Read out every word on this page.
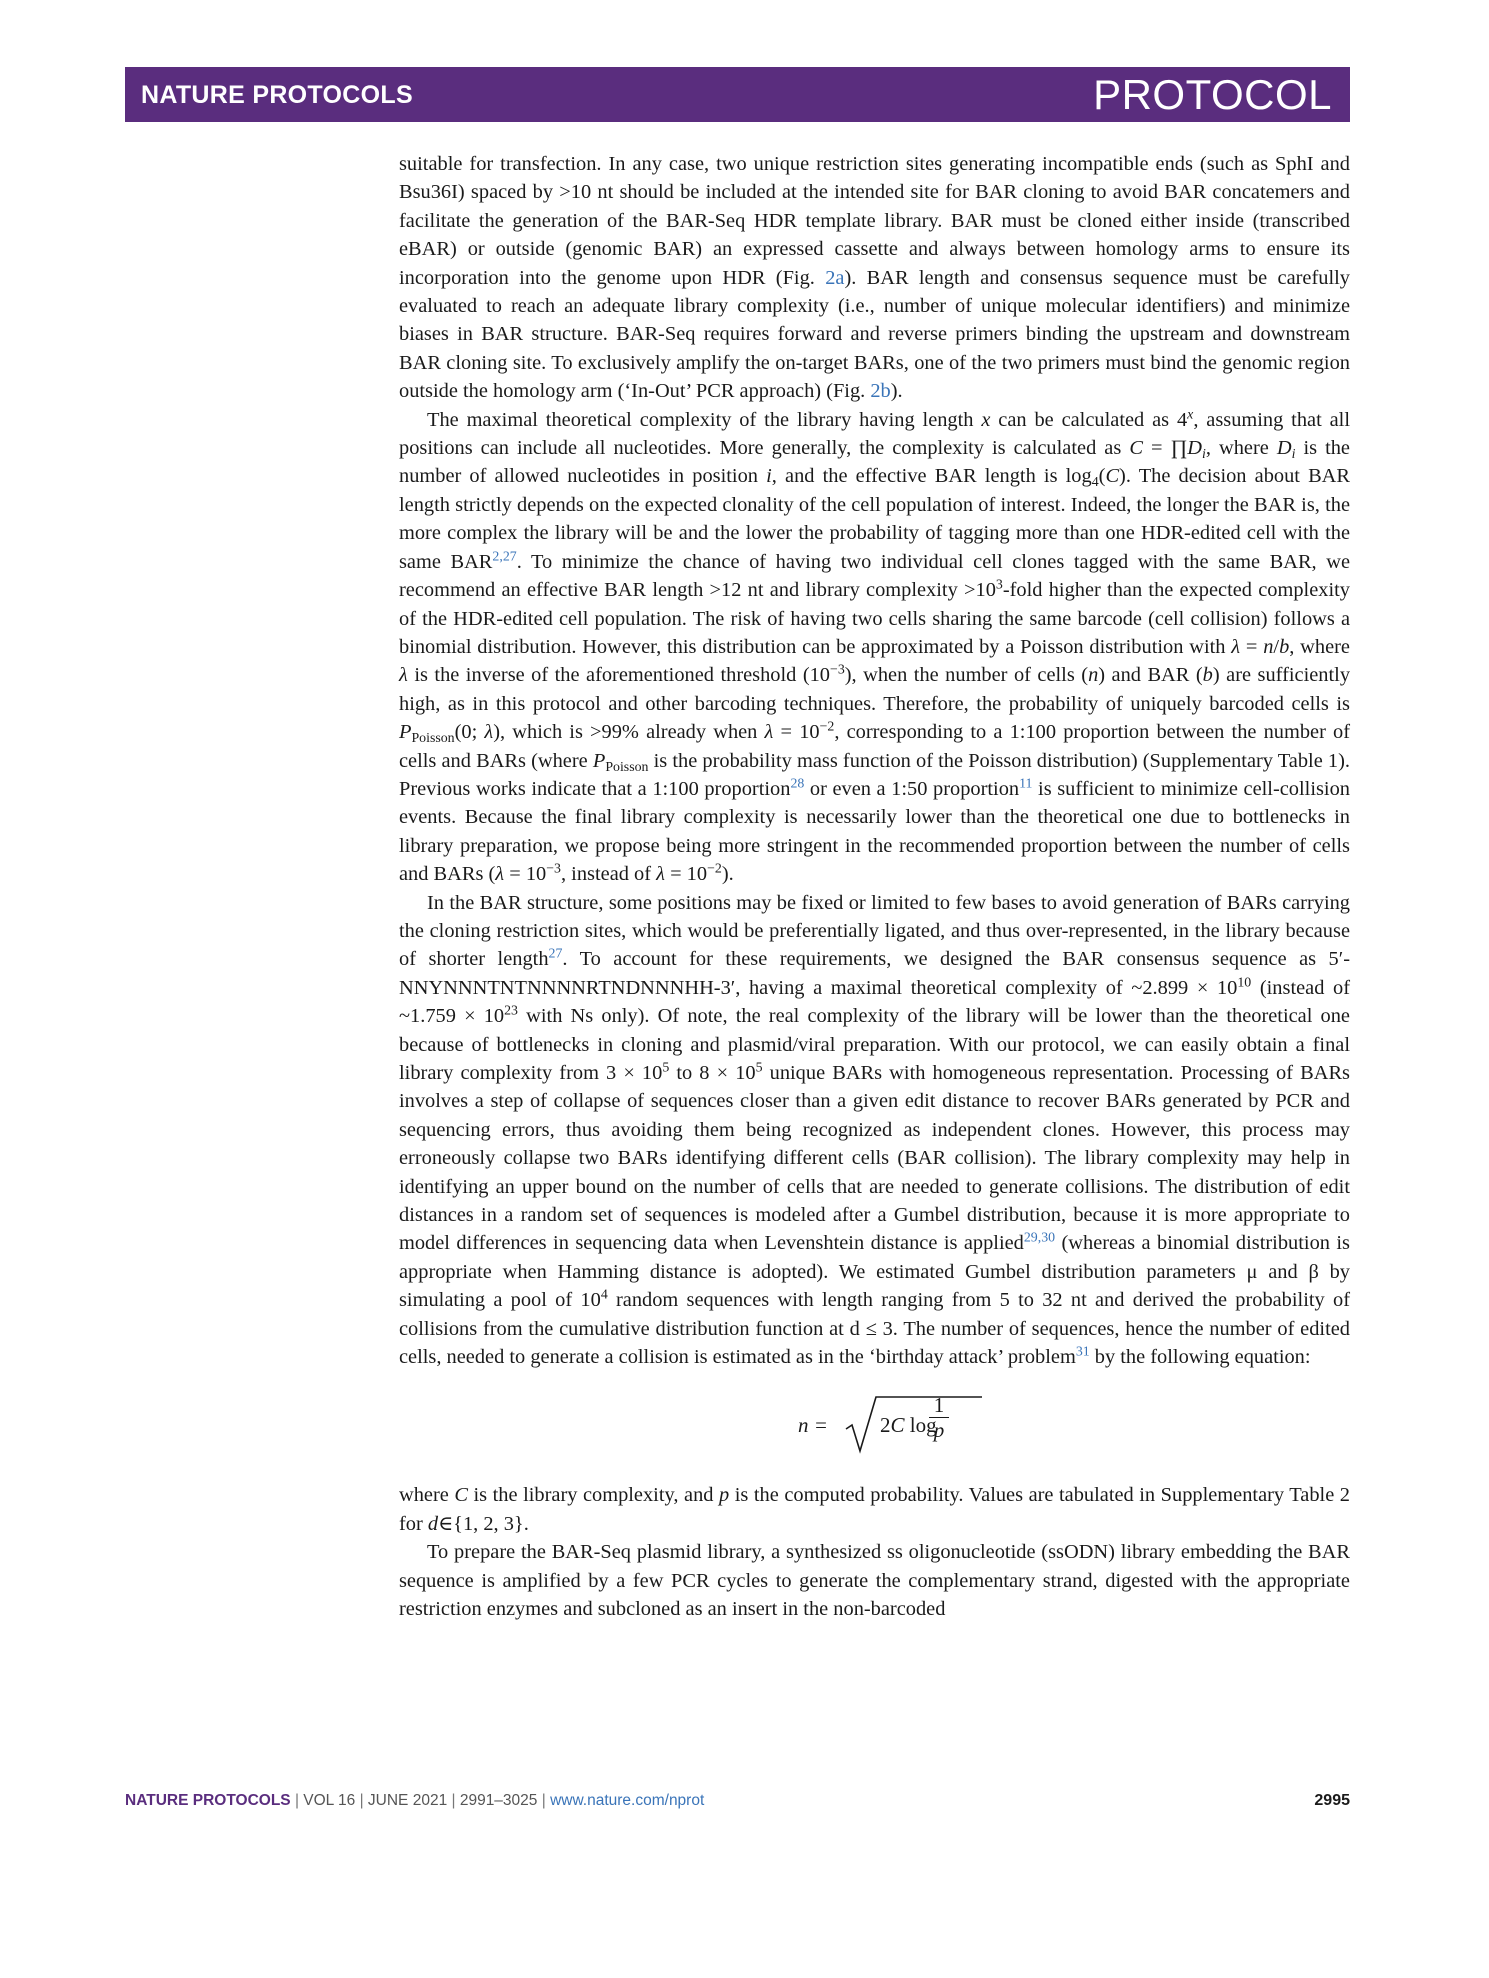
NATURE PROTOCOLS	PROTOCOL

suitable for transfection. In any case, two unique restriction sites generating incompatible ends (such as SphI and Bsu36I) spaced by >10 nt should be included at the intended site for BAR cloning to avoid BAR concatemers and facilitate the generation of the BAR-Seq HDR template library. BAR must be cloned either inside (transcribed eBAR) or outside (genomic BAR) an expressed cassette and always between homology arms to ensure its incorporation into the genome upon HDR (Fig. 2a). BAR length and consensus sequence must be carefully evaluated to reach an adequate library complexity (i.e., number of unique molecular identifiers) and minimize biases in BAR structure. BAR-Seq requires forward and reverse primers binding the upstream and downstream BAR cloning site. To exclusively amplify the on-target BARs, one of the two primers must bind the genomic region outside the homology arm (‘In-Out’ PCR approach) (Fig. 2b).

The maximal theoretical complexity of the library having length x can be calculated as 4$^x$, assuming that all positions can include all nucleotides. More generally, the complexity is calculated as $C = \prod D_i$, where $D_i$ is the number of allowed nucleotides in position i, and the effective BAR length is $\log_4(C)$. The decision about BAR length strictly depends on the expected clonality of the cell population of interest. Indeed, the longer the BAR is, the more complex the library will be and the lower the probability of tagging more than one HDR-edited cell with the same BAR$^{2,27}$. To minimize the chance of having two individual cell clones tagged with the same BAR, we recommend an effective BAR length >12 nt and library complexity $>10^3$-fold higher than the expected complexity of the HDR-edited cell population. The risk of having two cells sharing the same barcode (cell collision) follows a binomial distribution. However, this distribution can be approximated by a Poisson distribution with λ = n/b, where λ is the inverse of the aforementioned threshold $(10^{-3})$, when the number of cells (n) and BAR (b) are sufficiently high, as in this protocol and other barcoding techniques. Therefore, the probability of uniquely barcoded cells is $P_{Poisson}(0$; λ), which is >99% already when $\lambda = 10^{-2}$, corresponding to a 1:100 proportion between the number of cells and BARs (where $P_{Poisson}$ is the probability mass function of the Poisson distribution) (Supplementary Table 1). Previous works indicate that a 1:100 proportion$^{28}$ or even a 1:50 proportion$^{11}$ is sufficient to minimize cell-collision events. Because the final library complexity is necessarily lower than the theoretical one due to bottlenecks in library preparation, we propose being more stringent in the recommended proportion between the number of cells and BARs ($\lambda = 10^{-3}$, instead of $\lambda = 10^{-2}$).

In the BAR structure, some positions may be fixed or limited to few bases to avoid generation of BARs carrying the cloning restriction sites, which would be preferentially ligated, and thus over-represented, in the library because of shorter length$^{27}$. To account for these requirements, we designed the BAR consensus sequence as 5′-NNYNNNTNTNNNNRTNDNNNHH-3′, having a maximal theoretical complexity of ~2.899 × $10^{10}$ (instead of ~1.759 × $10^{23}$ with Ns only). Of note, the real complexity of the library will be lower than the theoretical one because of bottlenecks in cloning and plasmid/viral preparation. With our protocol, we can easily obtain a final library complexity from $3 \times 10^5$ to $8 \times 10^5$ unique BARs with homogeneous representation. Processing of BARs involves a step of collapse of sequences closer than a given edit distance to recover BARs generated by PCR and sequencing errors, thus avoiding them being recognized as independent clones. However, this process may erroneously collapse two BARs identifying different cells (BAR collision). The library complexity may help in identifying an upper bound on the number of cells that are needed to generate collisions. The distribution of edit distances in a random set of sequences is modeled after a Gumbel distribution, because it is more appropriate to model differences in sequencing data when Levenshtein distance is applied$^{29,30}$ (whereas a binomial distribution is appropriate when Hamming distance is adopted). We estimated Gumbel distribution parameters μ and β by simulating a pool of $10^4$ random sequences with length ranging from 5 to 32 nt and derived the probability of collisions from the cumulative distribution function at d ≤ 3. The number of sequences, hence the number of edited cells, needed to generate a collision is estimated as in the ‘birthday attack’ problem$^{31}$ by the following equation:

n = 2C log
$\frac{1}{p}$

where C is the library complexity, and p is the computed probability. Values are tabulated in Supplementary Table 2 for d∈{1, 2, 3}.

To prepare the BAR-Seq plasmid library, a synthesized ss oligonucleotide (ssODN) library embedding the BAR sequence is amplified by a few PCR cycles to generate the complementary strand, digested with the appropriate restriction enzymes and subcloned as an insert in the non-barcoded

NATURE PROTOCOLS | VOL 16 | JUNE 2021 | 2991–3025 | www.nature.com/nprot	2995
